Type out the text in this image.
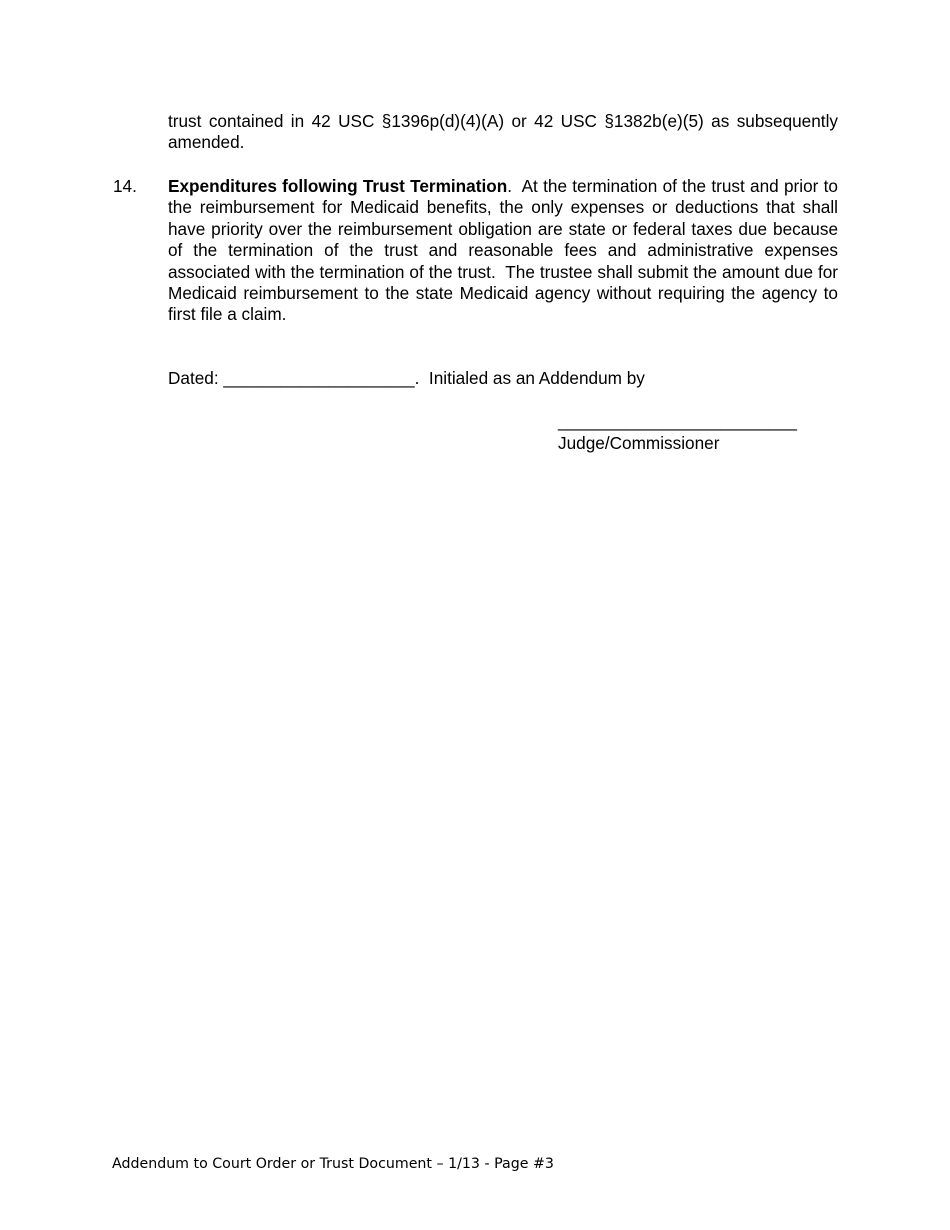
trust contained in 42 USC §1396p(d)(4)(A) or 42 USC §1382b(e)(5) as subsequently amended.

14. Expenditures following Trust Termination.  At the termination of the trust and prior to the reimbursement for Medicaid benefits, the only expenses or deductions that shall have priority over the reimbursement obligation are state or federal taxes due because of the termination of the trust and reasonable fees and administrative expenses associated with the termination of the trust.  The trustee shall submit the amount due for Medicaid reimbursement to the state Medicaid agency without requiring the agency to first file a claim.

Dated: ____________________.  Initialed as an Addendum by

_________________________

Judge/Commissioner

Addendum to Court Order or Trust Document – 1/13 - Page #3
